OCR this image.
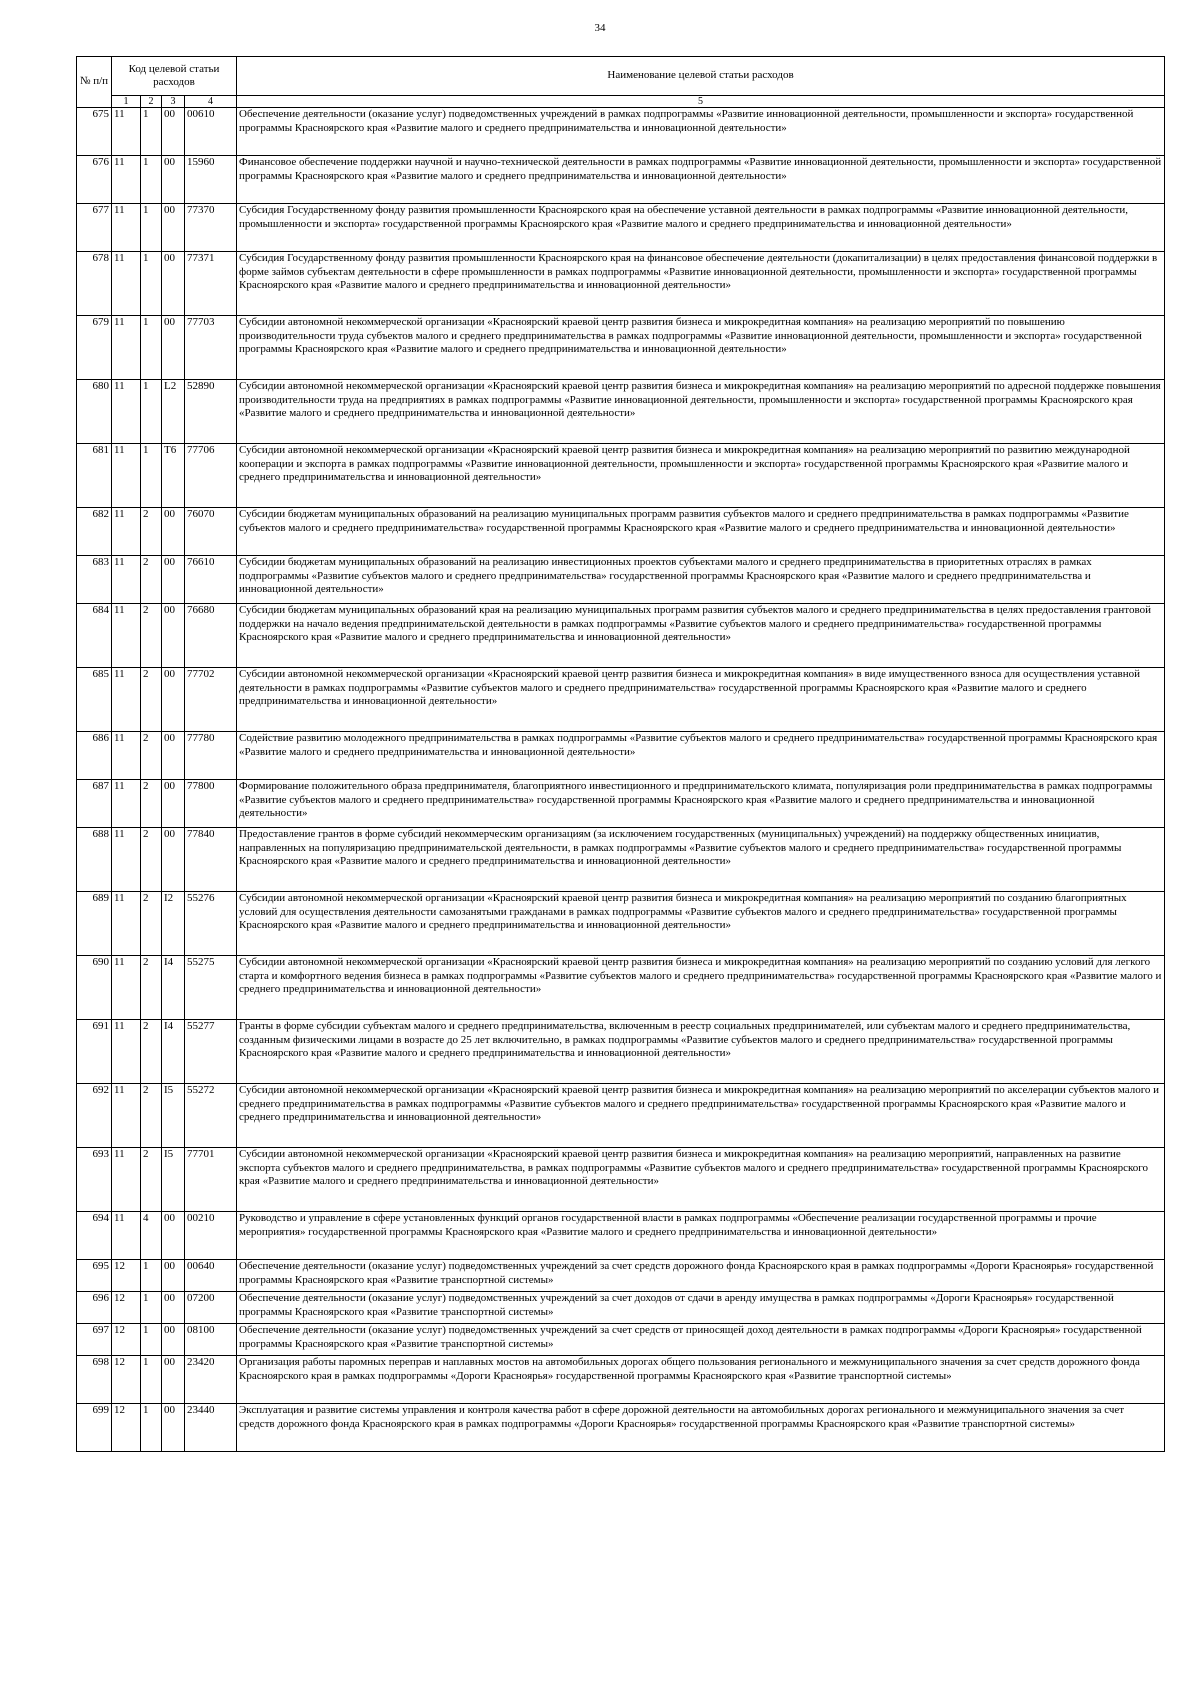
34
№ п/п	Код целевой статьи расходов				Наименование целевой статьи расходов
	1	2	3	4	5
675	11	1	00	00610	Обеспечение деятельности (оказание услуг) подведомственных учреждений в рамках подпрограммы «Развитие инновационной деятельности, промышленности и экспорта» государственной программы Красноярского края «Развитие малого и среднего предпринимательства и инновационной деятельности»
676	11	1	00	15960	Финансовое обеспечение поддержки научной и научно-технической деятельности в рамках подпрограммы «Развитие инновационной деятельности, промышленности и экспорта» государственной программы Красноярского края «Развитие малого и среднего предпринимательства и инновационной деятельности»
677	11	1	00	77370	Субсидия Государственному фонду развития промышленности Красноярского края на обеспечение уставной деятельности в рамках подпрограммы «Развитие инновационной деятельности, промышленности и экспорта» государственной программы Красноярского края «Развитие малого и среднего предпринимательства и инновационной деятельности»
678	11	1	00	77371	Субсидия Государственному фонду развития промышленности Красноярского края на финансовое обеспечение деятельности (докапитализации) в целях предоставления финансовой поддержки в форме займов субъектам деятельности в сфере промышленности в рамках подпрограммы «Развитие инновационной деятельности, промышленности и экспорта» государственной программы Красноярского края «Развитие малого и среднего предпринимательства и инновационной деятельности»
679	11	1	00	77703	Субсидии автономной некоммерческой организации «Красноярский краевой центр развития бизнеса и микрокредитная компания» на реализацию мероприятий по повышению производительности труда субъектов малого и среднего предпринимательства в рамках подпрограммы «Развитие инновационной деятельности, промышленности и экспорта» государственной программы Красноярского края «Развитие малого и среднего предпринимательства и инновационной деятельности»
680	11	1	L2	52890	Субсидии автономной некоммерческой организации «Красноярский краевой центр развития бизнеса и микрокредитная компания» на реализацию мероприятий по адресной поддержке повышения производительности труда на предприятиях в рамках подпрограммы «Развитие инновационной деятельности, промышленности и экспорта» государственной программы Красноярского края «Развитие малого и среднего предпринимательства и инновационной деятельности»
681	11	1	T6	77706	Субсидии автономной некоммерческой организации «Красноярский краевой центр развития бизнеса и микрокредитная компания» на реализацию мероприятий по развитию международной кооперации и экспорта в рамках подпрограммы «Развитие инновационной деятельности, промышленности и экспорта» государственной программы Красноярского края «Развитие малого и среднего предпринимательства и инновационной деятельности»
682	11	2	00	76070	Субсидии бюджетам муниципальных образований на реализацию муниципальных программ развития субъектов малого и среднего предпринимательства в рамках подпрограммы «Развитие субъектов малого и среднего предпринимательства» государственной программы Красноярского края «Развитие малого и среднего предпринимательства и инновационной деятельности»
683	11	2	00	76610	Субсидии бюджетам муниципальных образований на реализацию инвестиционных проектов субъектами малого и среднего предпринимательства в приоритетных отраслях в рамках подпрограммы «Развитие субъектов малого и среднего предпринимательства» государственной программы Красноярского края «Развитие малого и среднего предпринимательства и инновационной деятельности»
684	11	2	00	76680	Субсидии бюджетам муниципальных образований края на реализацию муниципальных программ развития субъектов малого и среднего предпринимательства в целях предоставления грантовой поддержки на начало ведения предпринимательской деятельности в рамках подпрограммы «Развитие субъектов малого и среднего предпринимательства» государственной программы Красноярского края «Развитие малого и среднего предпринимательства и инновационной деятельности»
685	11	2	00	77702	Субсидии автономной некоммерческой организации «Красноярский краевой центр развития бизнеса и микрокредитная компания» в виде имущественного взноса для осуществления уставной деятельности в рамках подпрограммы «Развитие субъектов малого и среднего предпринимательства» государственной программы Красноярского края «Развитие малого и среднего предпринимательства и инновационной деятельности»
686	11	2	00	77780	Содействие развитию молодежного предпринимательства в рамках подпрограммы «Развитие субъектов малого и среднего предпринимательства» государственной программы Красноярского края «Развитие малого и среднего предпринимательства и инновационной деятельности»
687	11	2	00	77800	Формирование положительного образа предпринимателя, благоприятного инвестиционного и предпринимательского климата, популяризация роли предпринимательства в рамках подпрограммы «Развитие субъектов малого и среднего предпринимательства» государственной программы Красноярского края «Развитие малого и среднего предпринимательства и инновационной деятельности»
688	11	2	00	77840	Предоставление грантов в форме субсидий некоммерческим организациям (за исключением государственных (муниципальных) учреждений) на поддержку общественных инициатив, направленных на популяризацию предпринимательской деятельности, в рамках подпрограммы «Развитие субъектов малого и среднего предпринимательства» государственной программы Красноярского края «Развитие малого и среднего предпринимательства и инновационной деятельности»
689	11	2	I2	55276	Субсидии автономной некоммерческой организации «Красноярский краевой центр развития бизнеса и микрокредитная компания» на реализацию мероприятий по созданию благоприятных условий для осуществления деятельности самозанятыми гражданами в рамках подпрограммы «Развитие субъектов малого и среднего предпринимательства» государственной программы Красноярского края «Развитие малого и среднего предпринимательства и инновационной деятельности»
690	11	2	I4	55275	Субсидии автономной некоммерческой организации «Красноярский краевой центр развития бизнеса и микрокредитная компания» на реализацию мероприятий по созданию условий для легкого старта и комфортного ведения бизнеса в рамках подпрограммы «Развитие субъектов малого и среднего предпринимательства» государственной программы Красноярского края «Развитие малого и среднего предпринимательства и инновационной деятельности»
691	11	2	I4	55277	Гранты в форме субсидии субъектам малого и среднего предпринимательства, включенным в реестр социальных предпринимателей, или субъектам малого и среднего предпринимательства, созданным физическими лицами в возрасте до 25 лет включительно, в рамках подпрограммы «Развитие субъектов малого и среднего предпринимательства» государственной программы Красноярского края «Развитие малого и среднего предпринимательства и инновационной деятельности»
692	11	2	I5	55272	Субсидии автономной некоммерческой организации «Красноярский краевой центр развития бизнеса и микрокредитная компания» на реализацию мероприятий по акселерации субъектов малого и среднего предпринимательства в рамках подпрограммы «Развитие субъектов малого и среднего предпринимательства» государственной программы Красноярского края «Развитие малого и среднего предпринимательства и инновационной деятельности»
693	11	2	I5	77701	Субсидии автономной некоммерческой организации «Красноярский краевой центр развития бизнеса и микрокредитная компания» на реализацию мероприятий, направленных на развитие экспорта субъектов малого и среднего предпринимательства, в рамках подпрограммы «Развитие субъектов малого и среднего предпринимательства» государственной программы Красноярского края «Развитие малого и среднего предпринимательства и инновационной деятельности»
694	11	4	00	00210	Руководство и управление в сфере установленных функций органов государственной власти в рамках подпрограммы «Обеспечение реализации государственной программы и прочие мероприятия» государственной программы Красноярского края «Развитие малого и среднего предпринимательства и инновационной деятельности»
695	12	1	00	00640	Обеспечение деятельности (оказание услуг) подведомственных учреждений за счет средств дорожного фонда Красноярского края в рамках подпрограммы «Дороги Красноярья» государственной программы Красноярского края «Развитие транспортной системы»
696	12	1	00	07200	Обеспечение деятельности (оказание услуг) подведомственных учреждений за счет доходов от сдачи в аренду имущества в рамках подпрограммы «Дороги Красноярья» государственной программы Красноярского края «Развитие транспортной системы»
697	12	1	00	08100	Обеспечение деятельности (оказание услуг) подведомственных учреждений за счет средств от приносящей доход деятельности в рамках подпрограммы «Дороги Красноярья» государственной программы Красноярского края «Развитие транспортной системы»
698	12	1	00	23420	Организация работы паромных переправ и наплавных мостов на автомобильных дорогах общего пользования регионального и межмуниципального значения за счет средств дорожного фонда Красноярского края в рамках подпрограммы «Дороги Красноярья» государственной программы Красноярского края «Развитие транспортной системы»
699	12	1	00	23440	Эксплуатация и развитие системы управления и контроля качества работ в сфере дорожной деятельности на автомобильных дорогах регионального и межмуниципального значения за счет средств дорожного фонда Красноярского края в рамках подпрограммы «Дороги Красноярья» государственной программы Красноярского края «Развитие транспортной системы»
